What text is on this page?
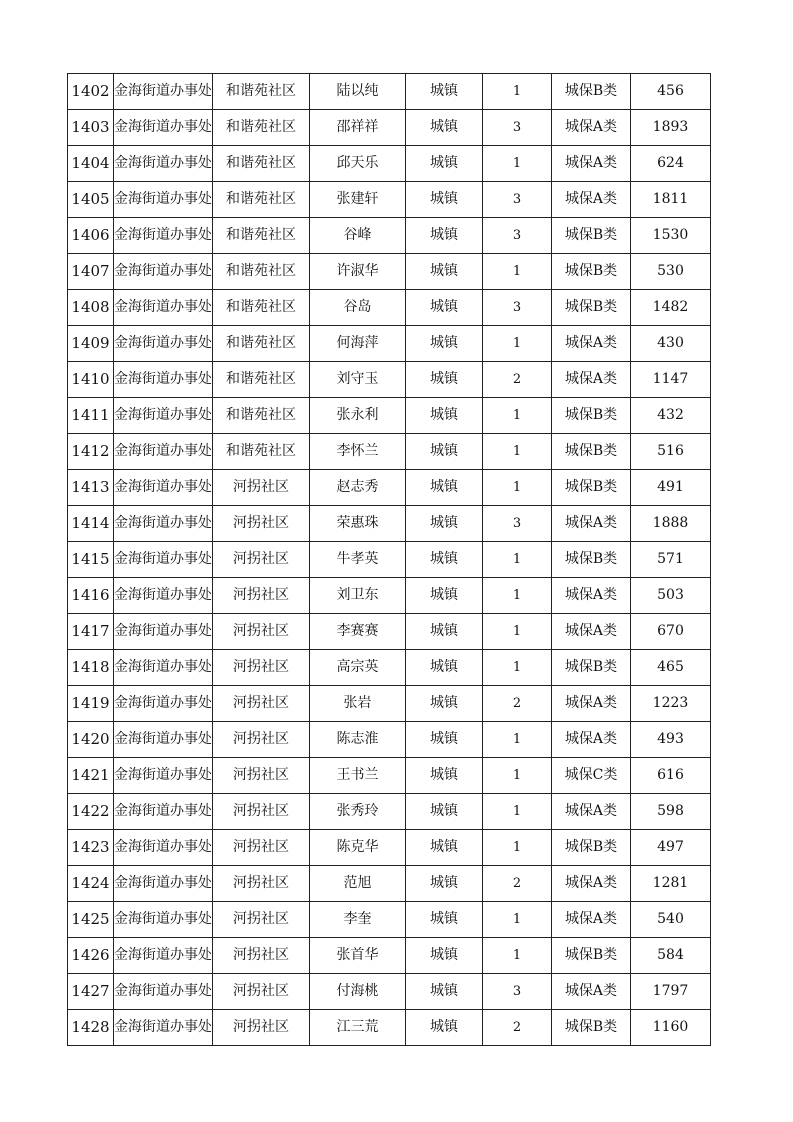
1402	金海街道办事处	和谐苑社区	陆以纯	城镇	1	城保B类	456
1403	金海街道办事处	和谐苑社区	邵祥祥	城镇	3	城保A类	1893
1404	金海街道办事处	和谐苑社区	邱天乐	城镇	1	城保A类	624
1405	金海街道办事处	和谐苑社区	张建轩	城镇	3	城保A类	1811
1406	金海街道办事处	和谐苑社区	谷峰	城镇	3	城保B类	1530
1407	金海街道办事处	和谐苑社区	许淑华	城镇	1	城保B类	530
1408	金海街道办事处	和谐苑社区	谷岛	城镇	3	城保B类	1482
1409	金海街道办事处	和谐苑社区	何海萍	城镇	1	城保A类	430
1410	金海街道办事处	和谐苑社区	刘守玉	城镇	2	城保A类	1147
1411	金海街道办事处	和谐苑社区	张永利	城镇	1	城保B类	432
1412	金海街道办事处	和谐苑社区	李怀兰	城镇	1	城保B类	516
1413	金海街道办事处	河拐社区	赵志秀	城镇	1	城保B类	491
1414	金海街道办事处	河拐社区	荣惠珠	城镇	3	城保A类	1888
1415	金海街道办事处	河拐社区	牛孝英	城镇	1	城保B类	571
1416	金海街道办事处	河拐社区	刘卫东	城镇	1	城保A类	503
1417	金海街道办事处	河拐社区	李赛赛	城镇	1	城保A类	670
1418	金海街道办事处	河拐社区	高宗英	城镇	1	城保B类	465
1419	金海街道办事处	河拐社区	张岩	城镇	2	城保A类	1223
1420	金海街道办事处	河拐社区	陈志淮	城镇	1	城保A类	493
1421	金海街道办事处	河拐社区	王书兰	城镇	1	城保C类	616
1422	金海街道办事处	河拐社区	张秀玲	城镇	1	城保A类	598
1423	金海街道办事处	河拐社区	陈克华	城镇	1	城保B类	497
1424	金海街道办事处	河拐社区	范旭	城镇	2	城保A类	1281
1425	金海街道办事处	河拐社区	李奎	城镇	1	城保A类	540
1426	金海街道办事处	河拐社区	张首华	城镇	1	城保B类	584
1427	金海街道办事处	河拐社区	付海桃	城镇	3	城保A类	1797
1428	金海街道办事处	河拐社区	江三荒	城镇	2	城保B类	1160
